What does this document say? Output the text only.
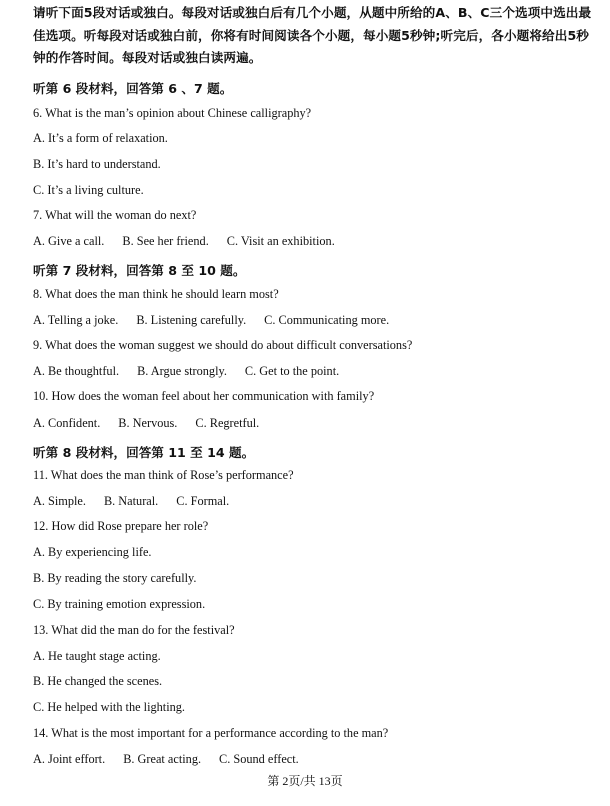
请听下面5段对话或独白。每段对话或独白后有几个小题，从题中所给的A、B、C三个选项中选出最佳选项。听每段对话或独白前，你将有时间阅读各个小题，每小题5秒钟;听完后，各小题将给出5秒钟的作答时间。每段对话或独白读两遍。
听第 6 段材料，回答第 6 、7 题。
6. What is the man’s opinion about Chinese calligraphy?
A. It’s a form of relaxation.
B. It’s hard to understand.
C. It’s a living culture.
7. What will the woman do next?
A. Give a call. B. See her friend. C. Visit an exhibition.
听第 7 段材料，回答第 8 至 10 题。
8. What does the man think he should learn most?
A. Telling a joke. B. Listening carefully. C. Communicating more.
9. What does the woman suggest we should do about difficult conversations?
A. Be thoughtful. B. Argue strongly. C. Get to the point.
10. How does the woman feel about her communication with family?
A. Confident. B. Nervous. C. Regretful.
听第 8 段材料，回答第 11 至 14 题。
11. What does the man think of Rose’s performance?
A. Simple. B. Natural. C. Formal.
12. How did Rose prepare her role?
A. By experiencing life.
B. By reading the story carefully.
C. By training emotion expression.
13. What did the man do for the festival?
A. He taught stage acting.
B. He changed the scenes.
C. He helped with the lighting.
14. What is the most important for a performance according to the man?
A. Joint effort. B. Great acting. C. Sound effect.
第 2页/共 13页
